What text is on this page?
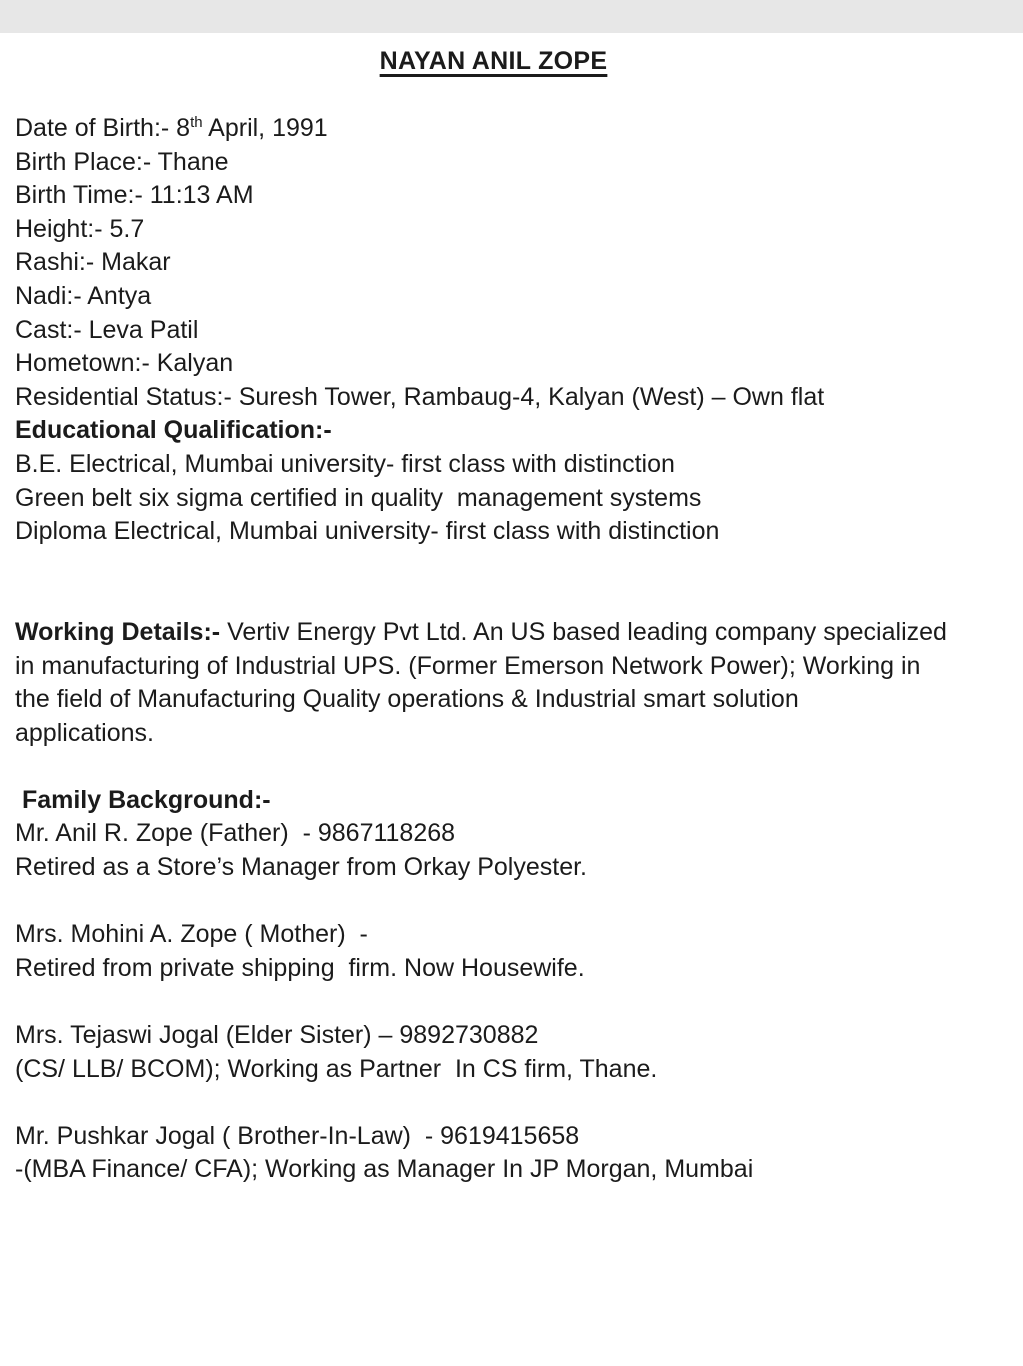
NAYAN ANIL ZOPE
Date of Birth:- 8th April, 1991
Birth Place:- Thane
Birth Time:- 11:13 AM
Height:- 5.7
Rashi:- Makar
Nadi:- Antya
Cast:- Leva Patil
Hometown:- Kalyan
Residential Status:- Suresh Tower, Rambaug-4, Kalyan (West) – Own flat
Educational Qualification:-
B.E. Electrical, Mumbai university- first class with distinction
Green belt six sigma certified in quality  management systems
Diploma Electrical, Mumbai university- first class with distinction
Working Details:- Vertiv Energy Pvt Ltd. An US based leading company specialized
in manufacturing of Industrial UPS. (Former Emerson Network Power); Working in
the field of Manufacturing Quality operations & Industrial smart solution
applications.
Family Background:-
Mr. Anil R. Zope (Father)  - 9867118268
Retired as a Store’s Manager from Orkay Polyester.
Mrs. Mohini A. Zope ( Mother)  -
Retired from private shipping  firm. Now Housewife.
Mrs. Tejaswi Jogal (Elder Sister) – 9892730882
(CS/ LLB/ BCOM); Working as Partner  In CS firm, Thane.
Mr. Pushkar Jogal ( Brother-In-Law)  - 9619415658
-(MBA Finance/ CFA); Working as Manager In JP Morgan, Mumbai
